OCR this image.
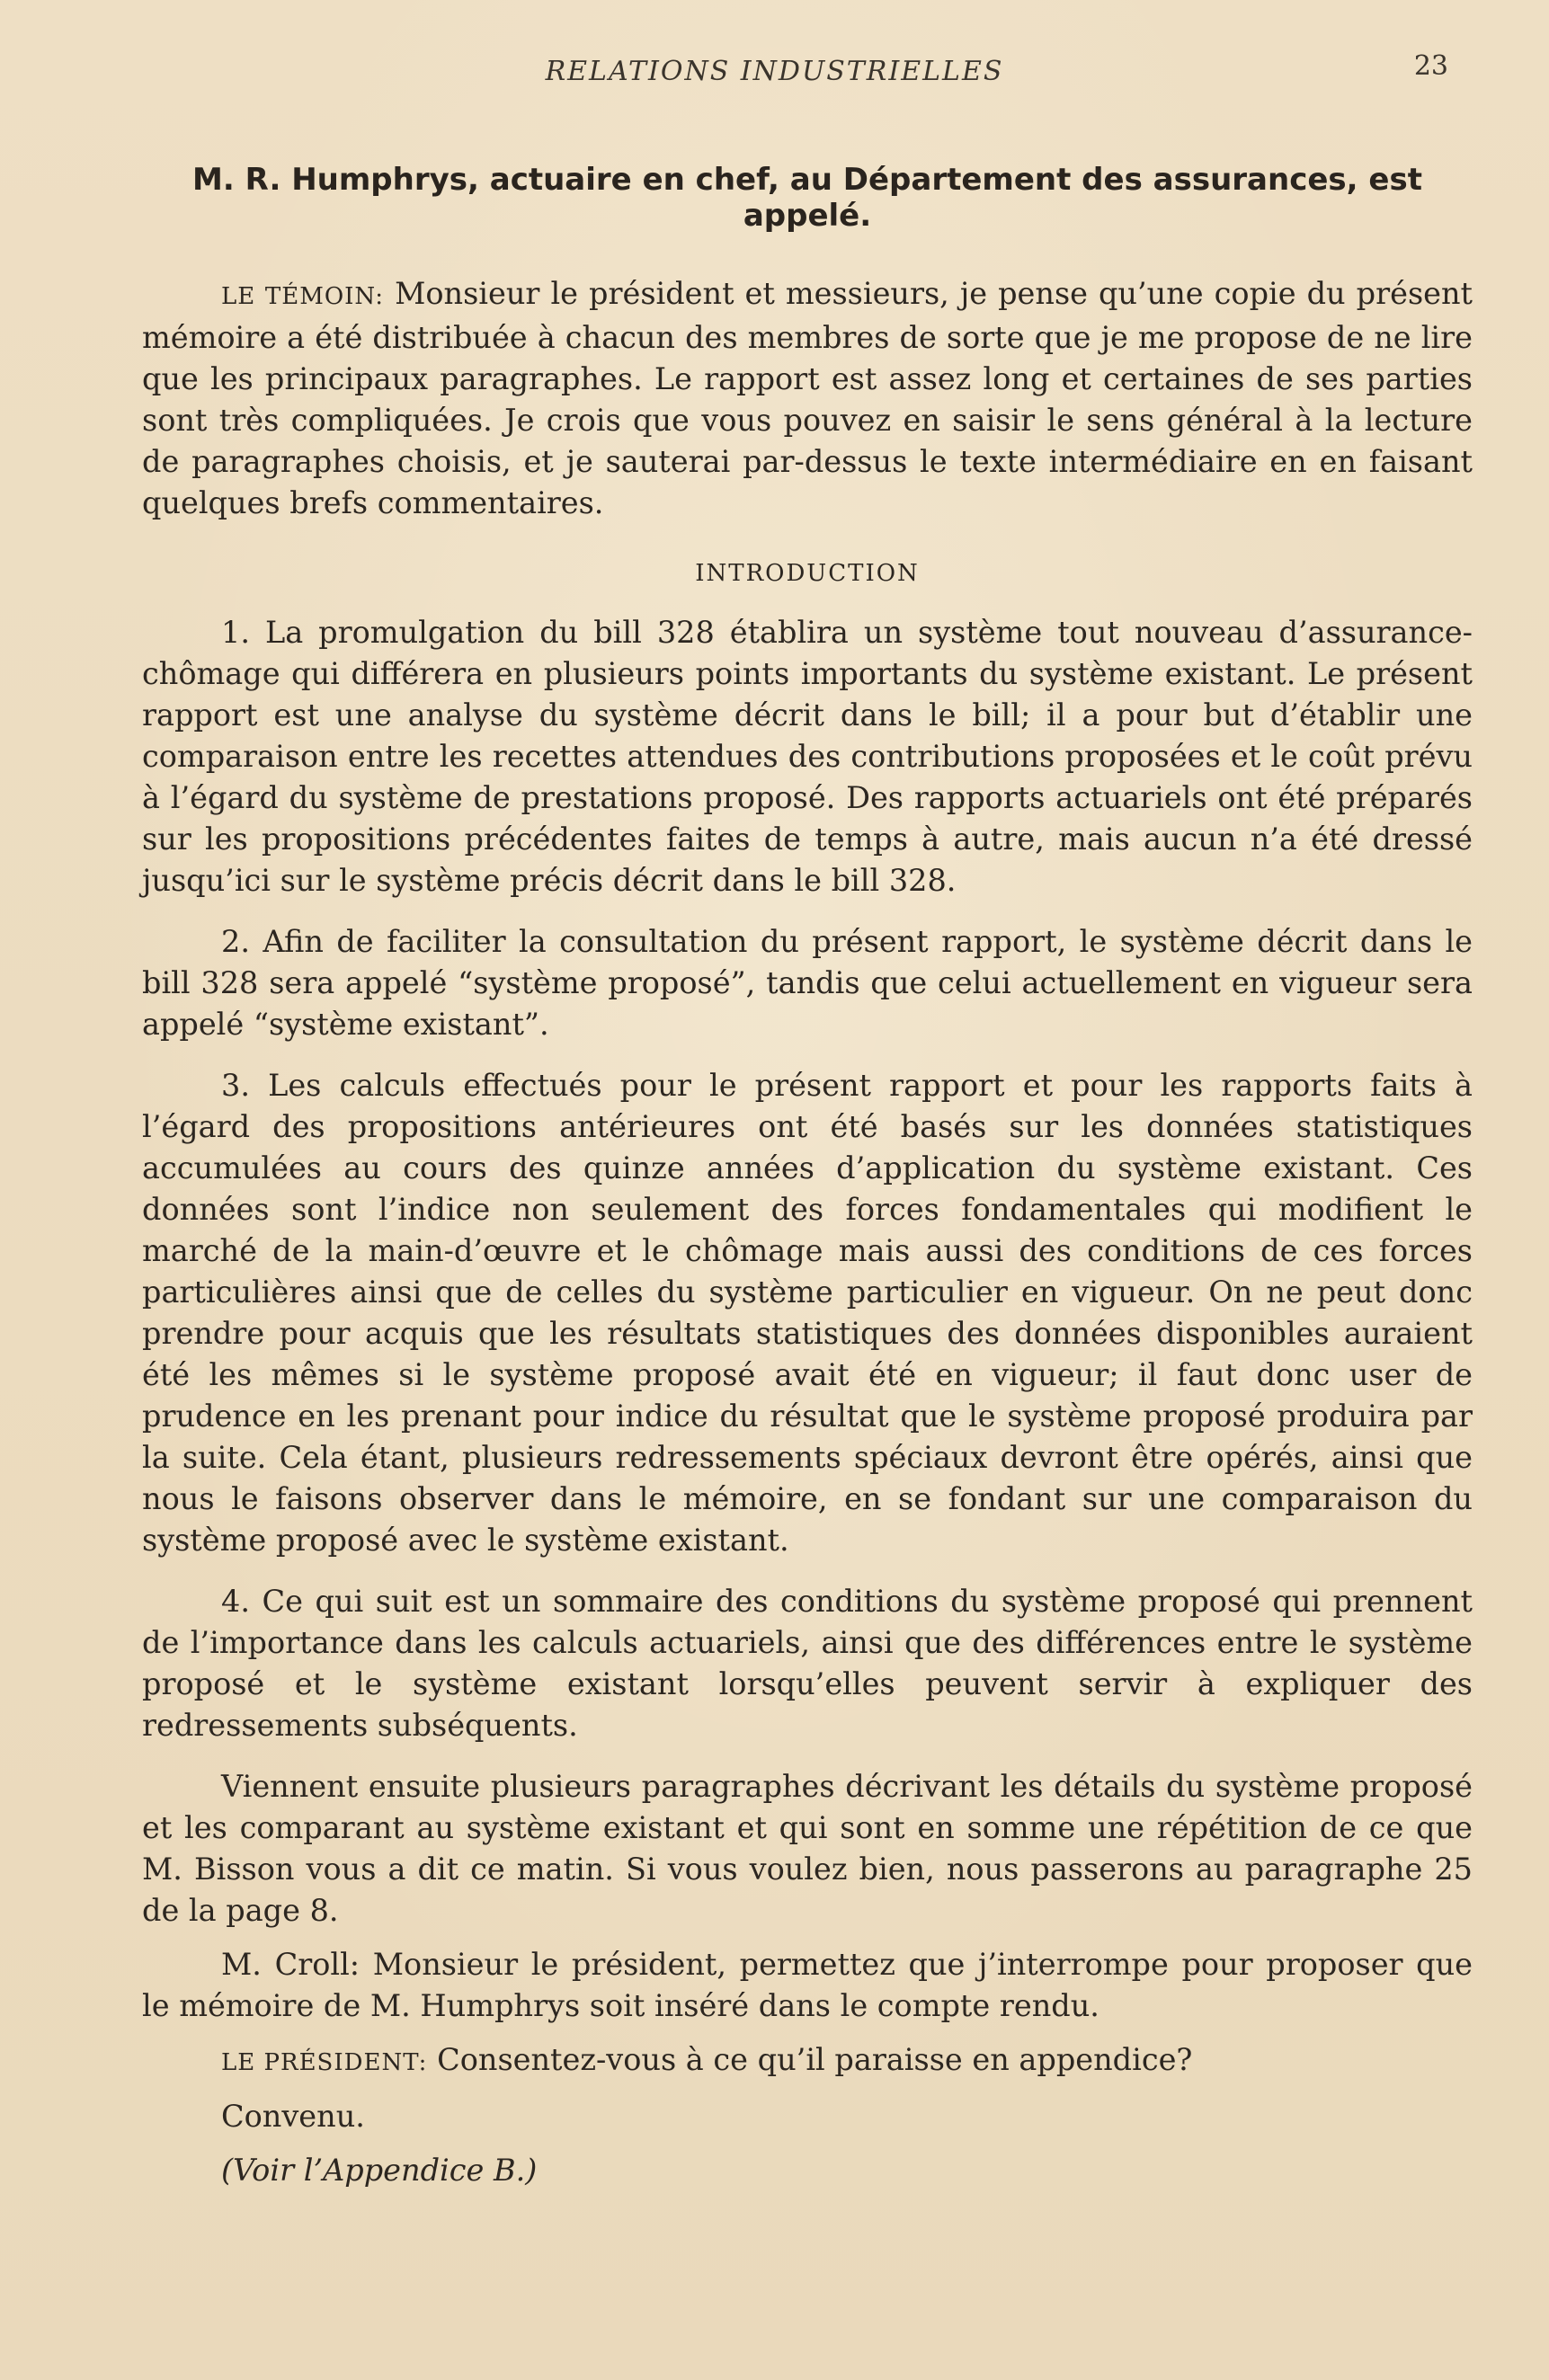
RELATIONS INDUSTRIELLES	23
M. R. Humphrys, actuaire en chef, au Département des assurances, est appelé.

LE TÉMOIN: Monsieur le président et messieurs, je pense qu’une copie du présent mémoire a été distribuée à chacun des membres de sorte que je me propose de ne lire que les principaux paragraphes. Le rapport est assez long et certaines de ses parties sont très compliquées. Je crois que vous pouvez en saisir le sens général à la lecture de paragraphes choisis, et je sauterai par-dessus le texte intermédiaire en en faisant quelques brefs commentaires.

INTRODUCTION

1. La promulgation du bill 328 établira un système tout nouveau d’assurance-chômage qui différera en plusieurs points importants du système existant. Le présent rapport est une analyse du système décrit dans le bill; il a pour but d’établir une comparaison entre les recettes attendues des contributions proposées et le coût prévu à l’égard du système de prestations proposé. Des rapports actuariels ont été préparés sur les propositions précédentes faites de temps à autre, mais aucun n’a été dressé jusqu’ici sur le système précis décrit dans le bill 328.

2. Afin de faciliter la consultation du présent rapport, le système décrit dans le bill 328 sera appelé “système proposé”, tandis que celui actuellement en vigueur sera appelé “système existant”.

3. Les calculs effectués pour le présent rapport et pour les rapports faits à l’égard des propositions antérieures ont été basés sur les données statistiques accumulées au cours des quinze années d’application du système existant. Ces données sont l’indice non seulement des forces fondamentales qui modifient le marché de la main-d’œuvre et le chômage mais aussi des conditions de ces forces particulières ainsi que de celles du système particulier en vigueur. On ne peut donc prendre pour acquis que les résultats statistiques des données disponibles auraient été les mêmes si le système proposé avait été en vigueur; il faut donc user de prudence en les prenant pour indice du résultat que le système proposé produira par la suite. Cela étant, plusieurs redressements spéciaux devront être opérés, ainsi que nous le faisons observer dans le mémoire, en se fondant sur une comparaison du système proposé avec le système existant.

4. Ce qui suit est un sommaire des conditions du système proposé qui prennent de l’importance dans les calculs actuariels, ainsi que des différences entre le système proposé et le système existant lorsqu’elles peuvent servir à expliquer des redressements subséquents.

Viennent ensuite plusieurs paragraphes décrivant les détails du système proposé et les comparant au système existant et qui sont en somme une répétition de ce que M. Bisson vous a dit ce matin. Si vous voulez bien, nous passerons au paragraphe 25 de la page 8.

M. Croll: Monsieur le président, permettez que j’interrompe pour proposer que le mémoire de M. Humphrys soit inséré dans le compte rendu.

LE PRÉSIDENT: Consentez-vous à ce qu’il paraisse en appendice?

Convenu.

(Voir l’Appendice B.)
